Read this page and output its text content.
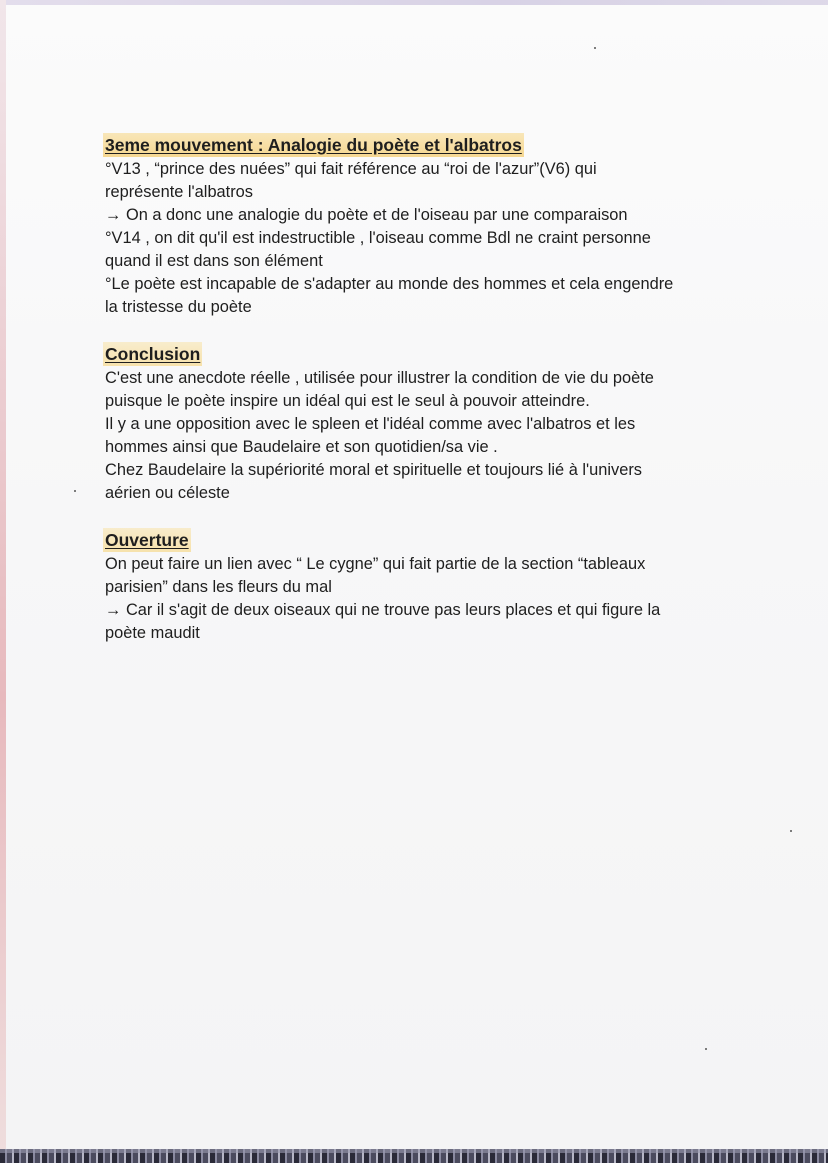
3eme mouvement : Analogie du poète et l'albatros

°V13 , “prince des nuées” qui fait référence au “roi de l'azur”(V6) qui

représente l'albatros

→ On a donc une analogie du poète et de l'oiseau par une comparaison

°V14 , on dit qu'il est indestructible , l'oiseau comme Bdl ne craint personne

quand il est dans son élément

°Le poète est incapable de s'adapter au monde des hommes et cela engendre

la tristesse du poète

Conclusion

C'est une anecdote réelle , utilisée pour illustrer la condition de vie du poète

puisque le poète inspire un idéal qui est le seul à pouvoir atteindre.

Il y a une opposition avec le spleen et l'idéal comme avec l'albatros et les

hommes ainsi que Baudelaire et son quotidien/sa vie .

Chez Baudelaire la supériorité moral et spirituelle et toujours lié à l'univers

aérien ou céleste

Ouverture

On peut faire un lien avec “ Le cygne” qui fait partie de la section “tableaux

parisien” dans les fleurs du mal

→ Car il s'agit de deux oiseaux qui ne trouve pas leurs places et qui figure la

poète maudit
